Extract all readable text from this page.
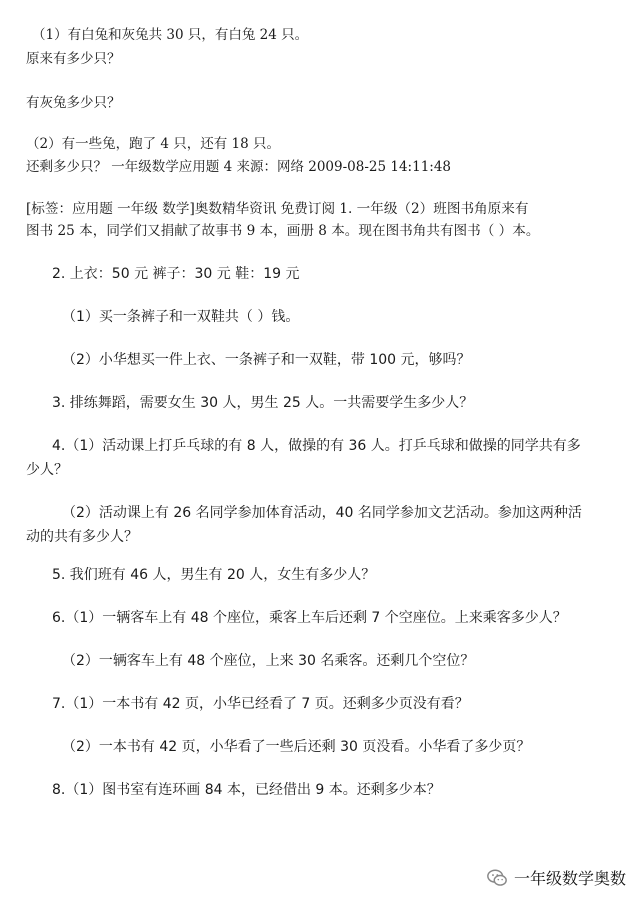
（1）有白兔和灰兔共 30 只，有白兔 24 只。
原来有多少只？
有灰兔多少只？
（2）有一些兔，跑了 4 只，还有 18 只。
还剩多少只？ 一年级数学应用题 4 来源：网络 2009-08-25 14:11:48
[标签：应用题 一年级 数学]奥数精华资讯 免费订阅 1. 一年级（2）班图书角原来有
图书 25 本，同学们又捐献了故事书 9 本，画册 8 本。现在图书角共有图书（ ）本。
2. 上衣：50 元 裤子：30 元 鞋：19 元
（1）买一条裤子和一双鞋共（ ）钱。
（2）小华想买一件上衣、一条裤子和一双鞋，带 100 元，够吗？
3. 排练舞蹈，需要女生 30 人，男生 25 人。一共需要学生多少人？
4.（1）活动课上打乒乓球的有 8 人，做操的有 36 人。打乒乓球和做操的同学共有多
少人？
（2）活动课上有 26 名同学参加体育活动，40 名同学参加文艺活动。参加这两种活
动的共有多少人？
5. 我们班有 46 人，男生有 20 人，女生有多少人？
6.（1）一辆客车上有 48 个座位，乘客上车后还剩 7 个空座位。上来乘客多少人？
（2）一辆客车上有 48 个座位，上来 30 名乘客。还剩几个空位？
7.（1）一本书有 42 页，小华已经看了 7 页。还剩多少页没有看？
（2）一本书有 42 页，小华看了一些后还剩 30 页没看。小华看了多少页？
8.（1）图书室有连环画 84 本，已经借出 9 本。还剩多少本？
一年级数学奥数
